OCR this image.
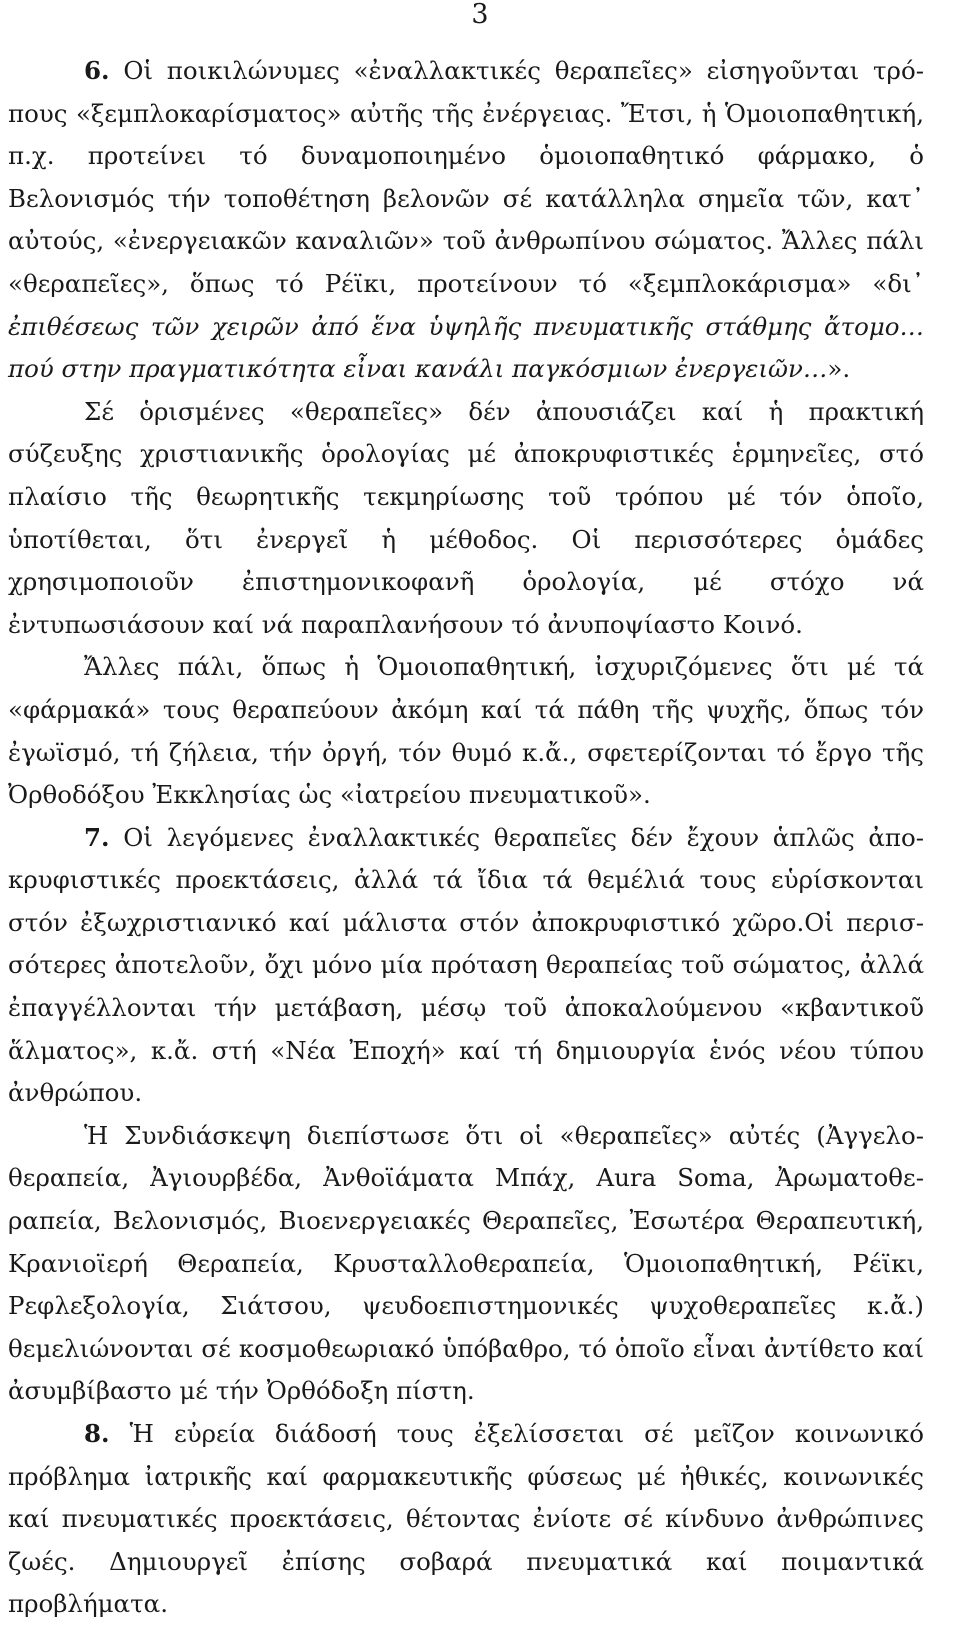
3

6. Οἱ ποικιλώνυμες «ἐναλλακτικές θεραπεῖες» εἰσηγοῦνται τρόπους «ξεμπλοκαρίσματος» αὐτῆς τῆς ἐνέργειας. Ἔτσι, ἡ Ὁμοιοπαθητική, π.χ. προτείνει τό δυναμοποιημένο ὁμοιοπαθητικό φάρμακο, ὁ Βελονισμός τήν τοποθέτηση βελονῶν σέ κατάλληλα σημεῖα τῶν, κατ᾽ αὐτούς, «ἐνεργειακῶν καναλιῶν» τοῦ ἀνθρωπίνου σώματος. Ἄλλες πάλι «θεραπεῖες», ὅπως τό Ρέϊκι, προτείνουν τό «ξεμπλοκάρισμα» «δι᾽ ἐπιθέσεως τῶν χειρῶν ἀπό ἕνα ὑψηλῆς πνευματικῆς στάθμης ἄτομο… πού στην πραγματικότητα εἶναι κανάλι παγκόσμιων ἐνεργειῶν…».

Σέ ὁρισμένες «θεραπεῖες» δέν ἀπουσιάζει καί ἡ πρακτική σύζευξης χριστιανικῆς ὁρολογίας μέ ἀποκρυφιστικές ἑρμηνεῖες, στό πλαίσιο τῆς θεωρητικῆς τεκμηρίωσης τοῦ τρόπου μέ τόν ὁποῖο, ὑποτίθεται, ὅτι ἐνεργεῖ ἡ μέθοδος. Οἱ περισσότερες ὁμάδες χρησιμοποιοῦν ἐπιστημονικοφανῆ ὁρολογία, μέ στόχο νά ἐντυπωσιάσουν καί νά παραπλανήσουν τό ἀνυποψίαστο Κοινό.

Ἄλλες πάλι, ὅπως ἡ Ὁμοιοπαθητική, ἰσχυριζόμενες ὅτι μέ τά «φάρμακά» τους θεραπεύουν ἀκόμη καί τά πάθη τῆς ψυχῆς, ὅπως τόν ἐγωϊσμό, τή ζήλεια, τήν ὀργή, τόν θυμό κ.ἄ., σφετερίζονται τό ἔργο τῆς Ὀρθοδόξου Ἐκκλησίας ὡς «ἰατρείου πνευματικοῦ».

7. Οἱ λεγόμενες ἐναλλακτικές θεραπεῖες δέν ἔχουν ἁπλῶς ἀποκρυφιστικές προεκτάσεις, ἀλλά τά ἴδια τά θεμέλιά τους εὑρίσκονται στόν ἐξωχριστιανικό καί μάλιστα στόν ἀποκρυφιστικό χῶρο.Οἱ περισσότερες ἀποτελοῦν, ὄχι μόνο μία πρόταση θεραπείας τοῦ σώματος, ἀλλά ἐπαγγέλλονται τήν μετάβαση, μέσῳ τοῦ ἀποκαλούμενου «κβαντικοῦ ἅλματος», κ.ἄ. στή «Νέα Ἐποχή» καί τή δημιουργία ἑνός νέου τύπου ἀνθρώπου.

Ἡ Συνδιάσκεψη διεπίστωσε ὅτι οἱ «θεραπεῖες» αὐτές (Ἀγγελοθεραπεία, Ἀγιουρβέδα, Ἀνθοϊάματα Μπάχ, Aura Soma, Ἀρωματοθεραπεία, Βελονισμός, Βιοενεργειακές Θεραπεῖες, Ἐσωτέρα Θεραπευτική, Κρανιοϊερή Θεραπεία, Κρυσταλλοθεραπεία, Ὁμοιοπαθητική, Ρέϊκι, Ρεφλεξολογία, Σιάτσου, ψευδοεπιστημονικές ψυχοθεραπεῖες κ.ἄ.) θεμελιώνονται σέ κοσμοθεωριακό ὑπόβαθρο, τό ὁποῖο εἶναι ἀντίθετο καί ἀσυμβίβαστο μέ τήν Ὀρθόδοξη πίστη.

8. Ἡ εὐρεία διάδοσή τους ἐξελίσσεται σέ μεῖζον κοινωνικό πρόβλημα ἰατρικῆς καί φαρμακευτικῆς φύσεως μέ ἠθικές, κοινωνικές καί πνευματικές προεκτάσεις, θέτοντας ἐνίοτε σέ κίνδυνο ἀνθρώπινες ζωές. Δημιουργεῖ ἐπίσης σοβαρά πνευματικά καί ποιμαντικά προβλήματα.
